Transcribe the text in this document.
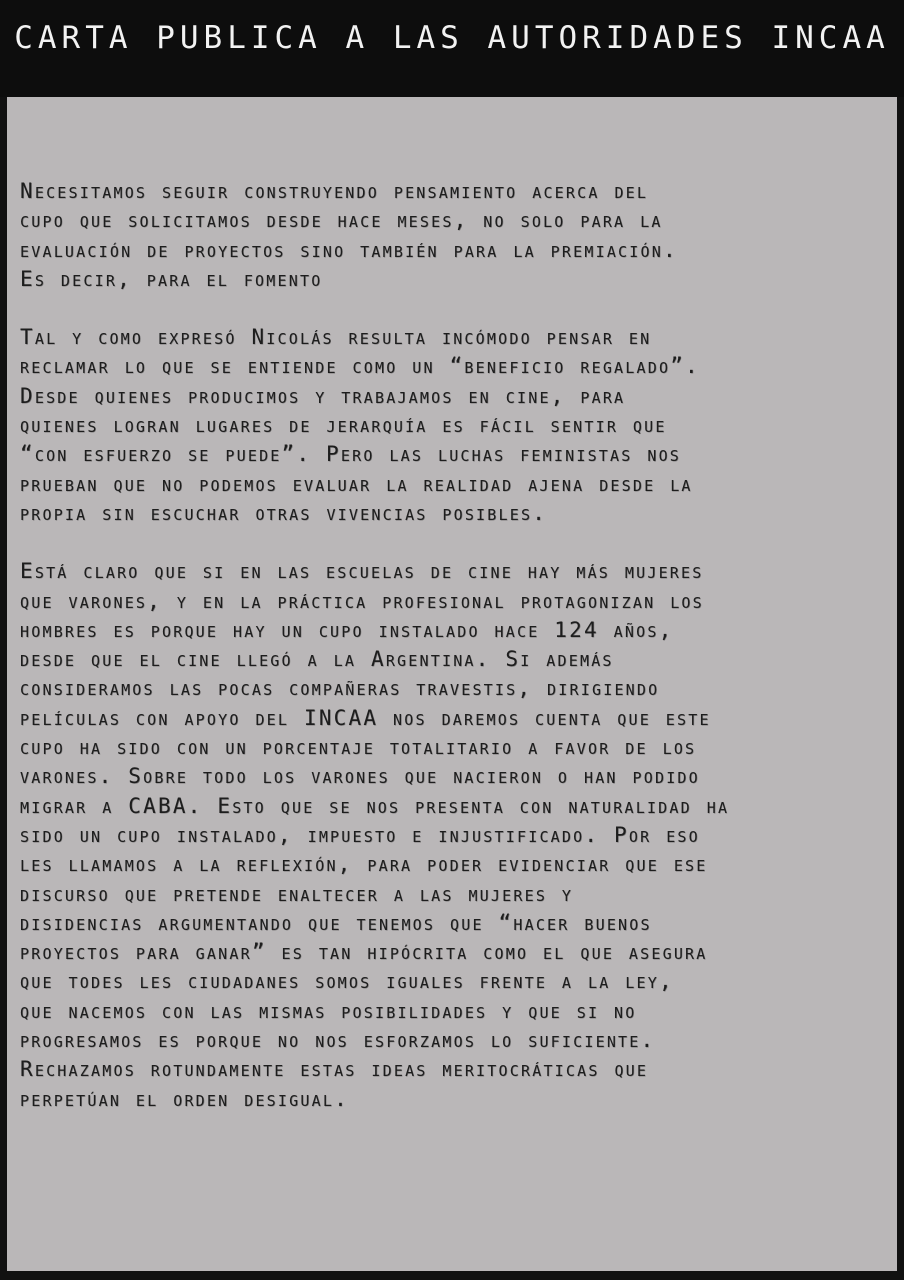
CARTA PUBLICA A LAS AUTORIDADES INCAA

Necesitamos seguir construyendo pensamiento acerca del
cupo que solicitamos desde hace meses, no solo para la
evaluación de proyectos sino también para la premiación.
Es decir, para el fomento

Tal y como expresó Nicolás resulta incómodo pensar en
reclamar lo que se entiende como un “beneficio regalado”.
Desde quienes producimos y trabajamos en cine, para
quienes logran lugares de jerarquía es fácil sentir que
“con esfuerzo se puede”. Pero las luchas feministas nos
prueban que no podemos evaluar la realidad ajena desde la
propia sin escuchar otras vivencias posibles.

Está claro que si en las escuelas de cine hay más mujeres
que varones, y en la práctica profesional protagonizan los
hombres es porque hay un cupo instalado hace 124 años,
desde que el cine llegó a la Argentina. Si además
consideramos las pocas compañeras travestis, dirigiendo
películas con apoyo del INCAA nos daremos cuenta que este
cupo ha sido con un porcentaje totalitario a favor de los
varones. Sobre todo los varones que nacieron o han podido
migrar a CABA. Esto que se nos presenta con naturalidad ha
sido un cupo instalado, impuesto e injustificado. Por eso
les llamamos a la reflexión, para poder evidenciar que ese
discurso que pretende enaltecer a las mujeres y
disidencias argumentando que tenemos que “hacer buenos
proyectos para ganar” es tan hipócrita como el que asegura
que todes les ciudadanes somos iguales frente a la ley,
que nacemos con las mismas posibilidades y que si no
progresamos es porque no nos esforzamos lo suficiente.
Rechazamos rotundamente estas ideas meritocráticas que
perpetúan el orden desigual.
